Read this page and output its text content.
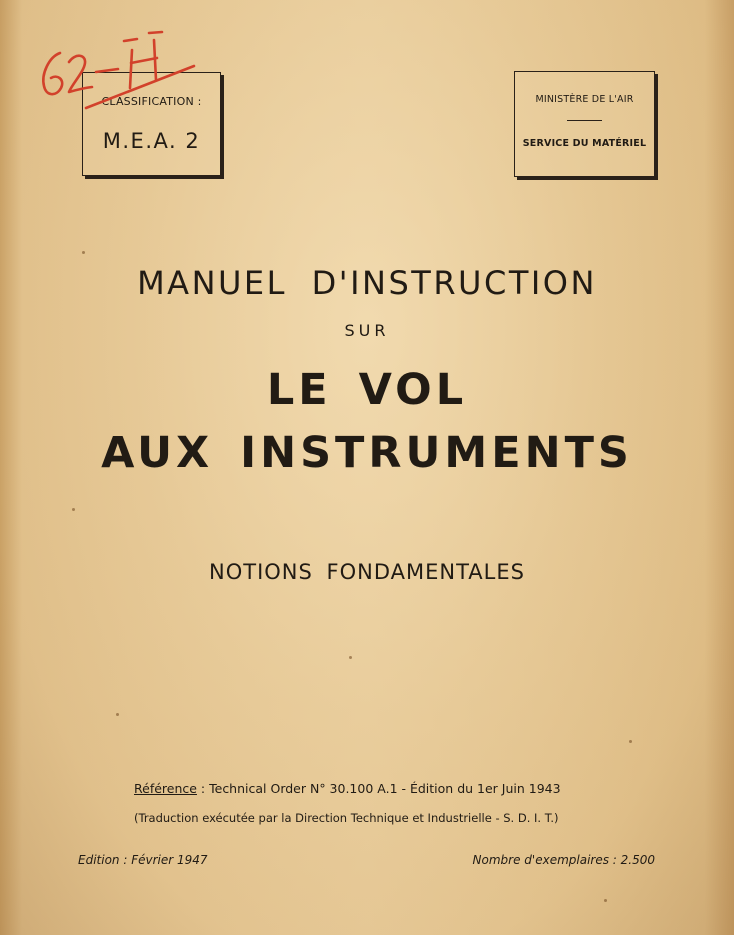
CLASSIFICATION :
M.E.A. 2
MINISTÈRE DE L'AIR
SERVICE DU MATÉRIEL
MANUEL D'INSTRUCTION
SUR
LE VOL
AUX INSTRUMENTS
NOTIONS FONDAMENTALES
Référence : Technical Order N° 30.100 A.1 - Édition du 1er Juin 1943
(Traduction exécutée par la Direction Technique et Industrielle - S. D. I. T.)
Edition : Février 1947	Nombre d'exemplaires : 2.500
